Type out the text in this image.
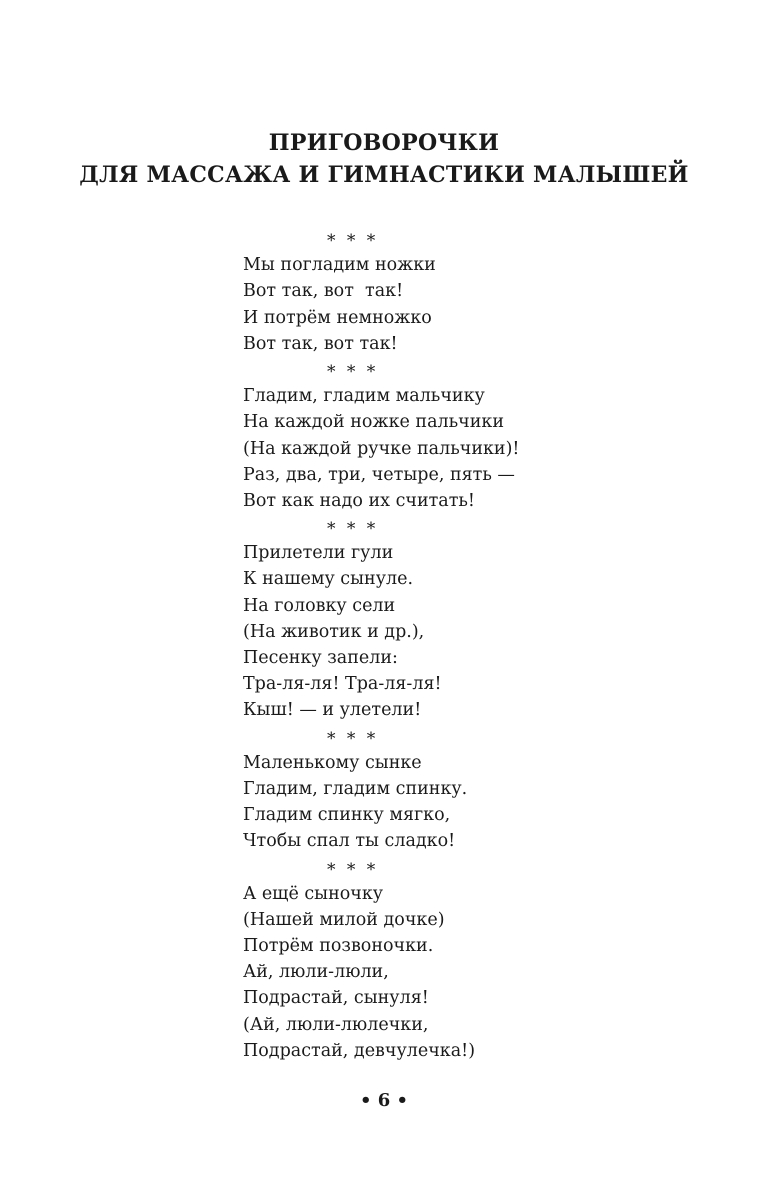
ПРИГОВОРОЧКИ
ДЛЯ МАССАЖА И ГИМНАСТИКИ МАЛЫШЕЙ
* * *
Мы погладим ножки
Вот так, вот  так!
И потрём немножко
Вот так, вот так!
* * *
Гладим, гладим мальчику
На каждой ножке пальчики
(На каждой ручке пальчики)!
Раз, два, три, четыре, пять —
Вот как надо их считать!
* * *
Прилетели гули
К нашему сынуле.
На головку сели
(На животик и др.),
Песенку запели:
Тра-ля-ля! Тра-ля-ля!
Кыш! — и улетели!
* * *
Маленькому сынке
Гладим, гладим спинку.
Гладим спинку мягко,
Чтобы спал ты сладко!
* * *
А ещё сыночку
(Нашей милой дочке)
Потрём позвоночки.
Ай, люли-люли,
Подрастай, сынуля!
(Ай, люли-люлечки,
Подрастай, девчулечка!)
• 6 •
